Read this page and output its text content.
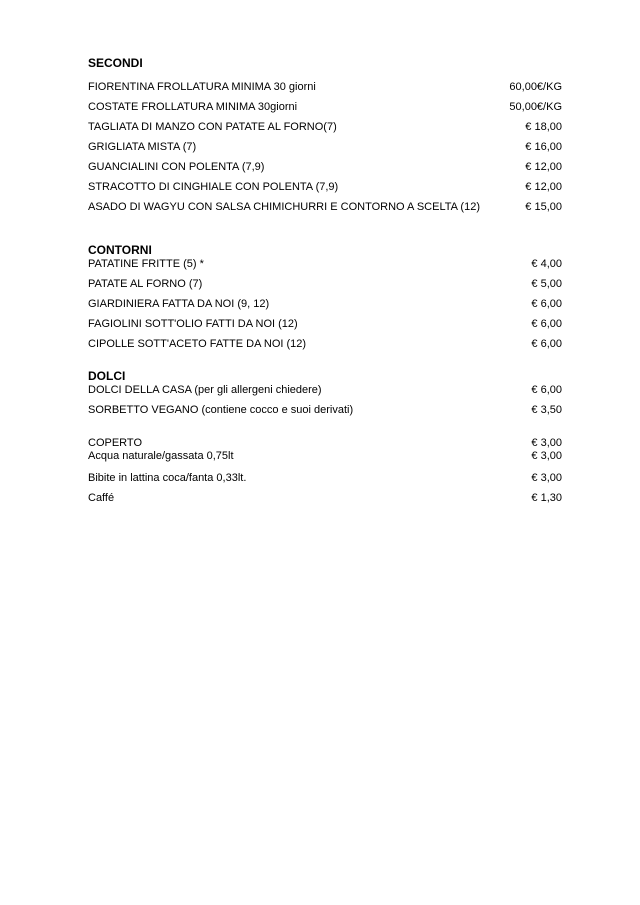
SECONDI
FIORENTINA FROLLATURA MINIMA 30 giorni	60,00€/KG
COSTATE FROLLATURA MINIMA 30giorni	50,00€/KG
TAGLIATA DI MANZO CON PATATE AL FORNO(7)	€ 18,00
GRIGLIATA MISTA (7)	€ 16,00
GUANCIALINI CON POLENTA (7,9)	€ 12,00
STRACOTTO DI CINGHIALE CON POLENTA (7,9)	€ 12,00
ASADO DI WAGYU CON SALSA CHIMICHURRI E CONTORNO A SCELTA (12)	€ 15,00
CONTORNI
PATATINE FRITTE (5) *	€ 4,00
PATATE AL FORNO (7)	€ 5,00
GIARDINIERA FATTA DA NOI (9, 12)	€ 6,00
FAGIOLINI SOTT'OLIO FATTI DA NOI (12)	€ 6,00
CIPOLLE SOTT'ACETO FATTE DA NOI (12)	€ 6,00
DOLCI
DOLCI DELLA CASA (per gli allergeni chiedere)	€ 6,00
SORBETTO VEGANO (contiene cocco e suoi derivati)	€ 3,50
COPERTO	€ 3,00
Acqua naturale/gassata 0,75lt	€ 3,00
Bibite in lattina coca/fanta 0,33lt.	€ 3,00
Caffé	€ 1,30
